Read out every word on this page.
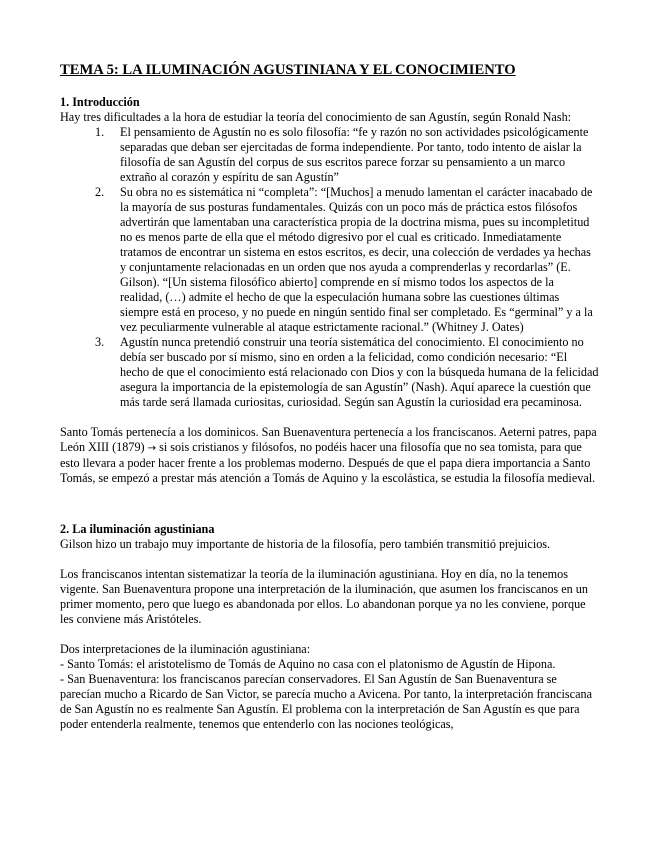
TEMA 5: LA ILUMINACIÓN AGUSTINIANA Y EL CONOCIMIENTO
1. Introducción

Hay tres dificultades a la hora de estudiar la teoría del conocimiento de san Agustín, según Ronald Nash:

1. El pensamiento de Agustín no es solo filosofía: “fe y razón no son actividades psicológicamente separadas que deban ser ejercitadas de forma independiente. Por tanto, todo intento de aislar la filosofía de san Agustín del corpus de sus escritos parece forzar su pensamiento a un marco extraño al corazón y espíritu de san Agustín”
2. Su obra no es sistemática ni “completa”: “[Muchos] a menudo lamentan el carácter inacabado de la mayoría de sus posturas fundamentales. Quizás con un poco más de práctica estos filósofos advertirán que lamentaban una característica propia de la doctrina misma, pues su incompletitud no es menos parte de ella que el método digresivo por el cual es criticado. Inmediatamente tratamos de encontrar un sistema en estos escritos, es decir, una colección de verdades ya hechas y conjuntamente relacionadas en un orden que nos ayuda a comprenderlas y recordarlas” (E. Gilson). “[Un sistema filosófico abierto] comprende en sí mismo todos los aspectos de la realidad, (…) admite el hecho de que la especulación humana sobre las cuestiones últimas siempre está en proceso, y no puede en ningún sentido final ser completado. Es “germinal” y a la vez peculiarmente vulnerable al ataque estrictamente racional.” (Whitney J. Oates)
3. Agustín nunca pretendió construir una teoría sistemática del conocimiento. El conocimiento no debía ser buscado por sí mismo, sino en orden a la felicidad, como condición necesario: “El hecho de que el conocimiento está relacionado con Dios y con la búsqueda humana de la felicidad asegura la importancia de la epistemología de san Agustín” (Nash). Aquí aparece la cuestión que más tarde será llamada curiositas, curiosidad. Según san Agustín la curiosidad era pecaminosa.

Santo Tomás pertenecía a los dominicos. San Buenaventura pertenecía a los franciscanos. Aeterni patres, papa León XIII (1879) → si sois cristianos y filósofos, no podéis hacer una filosofía que no sea tomista, para que esto llevara a poder hacer frente a los problemas moderno. Después de que el papa diera importancia a Santo Tomás, se empezó a prestar más atención a Tomás de Aquino y la escolástica, se estudia la filosofía medieval.

2. La iluminación agustiniana

Gilson hizo un trabajo muy importante de historia de la filosofía, pero también transmitió prejuicios.

Los franciscanos intentan sistematizar la teoría de la iluminación agustiniana. Hoy en día, no la tenemos vigente. San Buenaventura propone una interpretación de la iluminación, que asumen los franciscanos en un primer momento, pero que luego es abandonada por ellos. Lo abandonan porque ya no les conviene, porque les conviene más Aristóteles.

Dos interpretaciones de la iluminación agustiniana:

- Santo Tomás: el aristotelismo de Tomás de Aquino no casa con el platonismo de Agustín de Hipona.

- San Buenaventura: los franciscanos parecían conservadores. El San Agustín de San Buenaventura se parecían mucho a Ricardo de San Victor, se parecía mucho a Avicena. Por tanto, la interpretación franciscana de San Agustín no es realmente San Agustín. El problema con la interpretación de San Agustín es que para poder entenderla realmente, tenemos que entenderlo con las nociones teológicas,
